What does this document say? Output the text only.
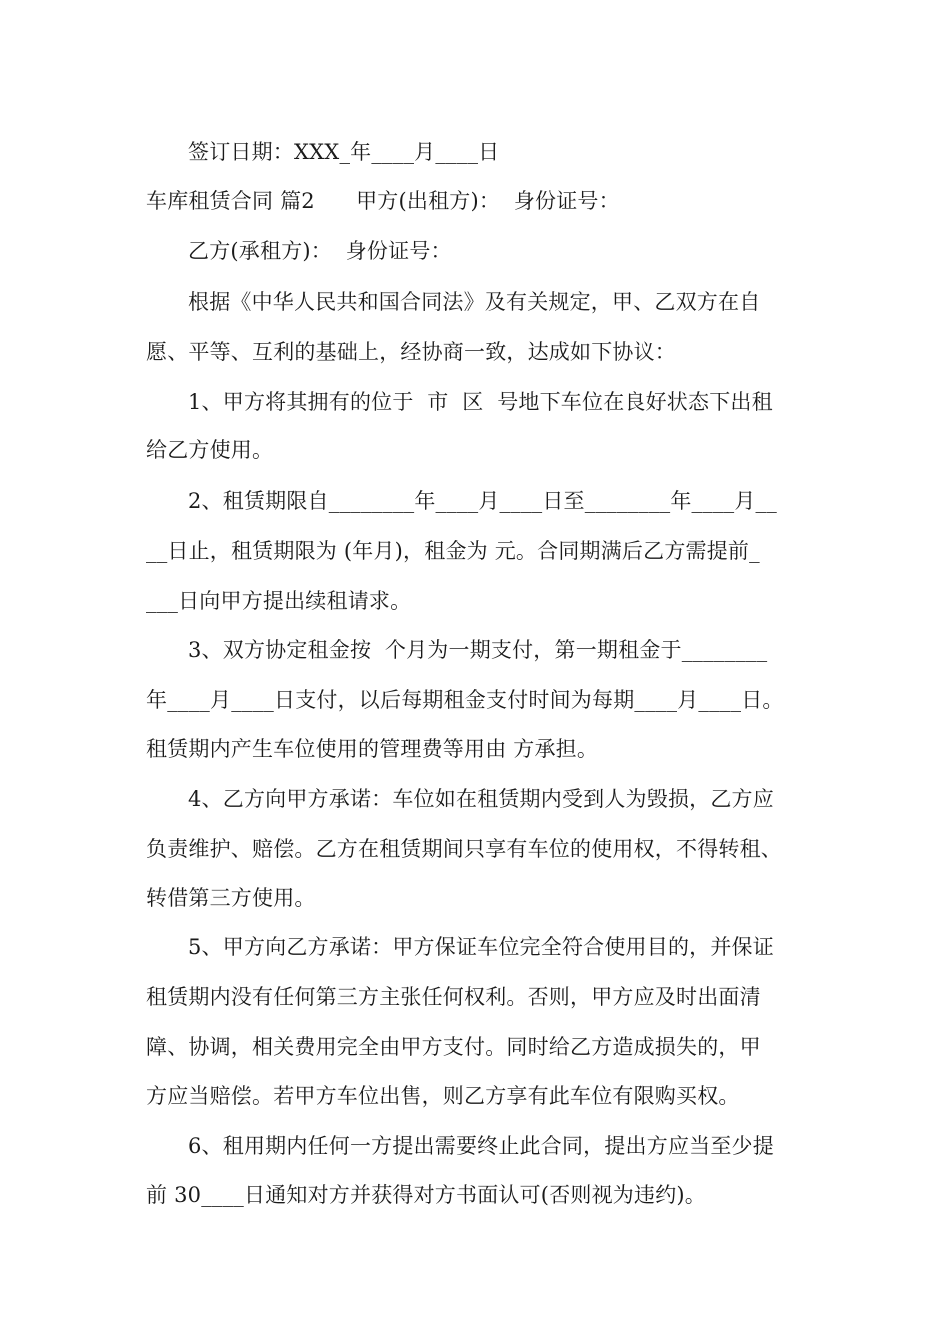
签订日期：XXX_年____月____日
车库租赁合同 篇2      甲方(出租方)：  身份证号：
乙方(承租方)：  身份证号：
根据《中华人民共和国合同法》及有关规定，甲、乙双方在自
愿、平等、互利的基础上，经协商一致，达成如下协议：
1、甲方将其拥有的位于  市  区  号地下车位在良好状态下出租
给乙方使用。
2、租赁期限自________年____月____日至________年____月__
__日止，租赁期限为 (年月)，租金为 元。合同期满后乙方需提前_
___日向甲方提出续租请求。
3、双方协定租金按  个月为一期支付，第一期租金于________
年____月____日支付，以后每期租金支付时间为每期____月____日。
租赁期内产生车位使用的管理费等用由 方承担。
4、乙方向甲方承诺：车位如在租赁期内受到人为毁损，乙方应
负责维护、赔偿。乙方在租赁期间只享有车位的使用权，不得转租、
转借第三方使用。
5、甲方向乙方承诺：甲方保证车位完全符合使用目的，并保证
租赁期内没有任何第三方主张任何权利。否则，甲方应及时出面清
障、协调，相关费用完全由甲方支付。同时给乙方造成损失的，甲
方应当赔偿。若甲方车位出售，则乙方享有此车位有限购买权。
6、租用期内任何一方提出需要终止此合同，提出方应当至少提
前 30____日通知对方并获得对方书面认可(否则视为违约)。
